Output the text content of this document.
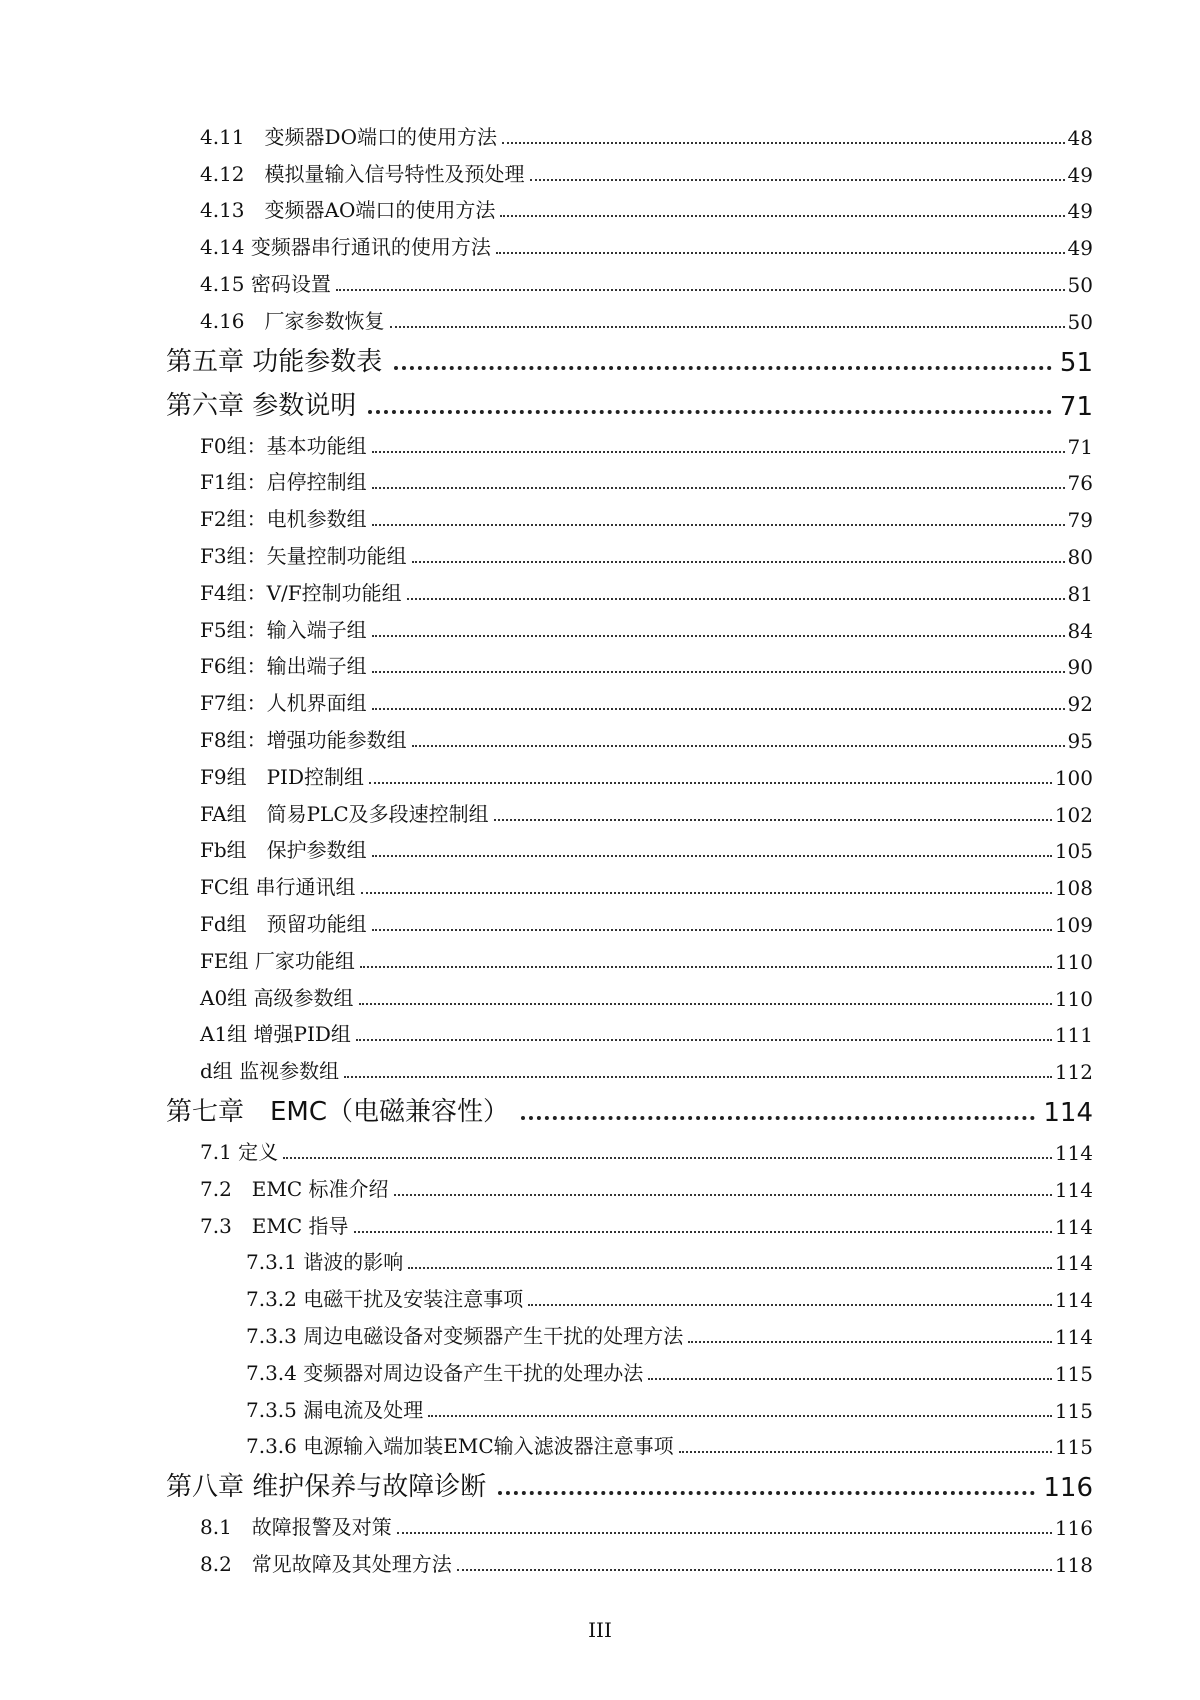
4.11　变频器DO端口的使用方法	48
4.12　模拟量输入信号特性及预处理	49
4.13　变频器AO端口的使用方法	49
4.14 变频器串行通讯的使用方法	49
4.15 密码设置	50
4.16　厂家参数恢复	50
第五章 功能参数表	51
第六章 参数说明	71
F0组：基本功能组	71
F1组：启停控制组	76
F2组：电机参数组	79
F3组：矢量控制功能组	80
F4组：V/F控制功能组	81
F5组：输入端子组	84
F6组：输出端子组	90
F7组：人机界面组	92
F8组：增强功能参数组	95
F9组　PID控制组	100
FA组　简易PLC及多段速控制组	102
Fb组　保护参数组	105
FC组 串行通讯组	108
Fd组　预留功能组	109
FE组 厂家功能组	110
A0组 高级参数组	110
A1组 增强PID组	111
d组 监视参数组	112
第七章　EMC（电磁兼容性）	114
7.1 定义	114
7.2　EMC 标准介绍	114
7.3　EMC 指导	114
7.3.1 谐波的影响	114
7.3.2 电磁干扰及安装注意事项	114
7.3.3 周边电磁设备对变频器产生干扰的处理方法	114
7.3.4 变频器对周边设备产生干扰的处理办法	115
7.3.5 漏电流及处理	115
7.3.6 电源输入端加装EMC输入滤波器注意事项	115
第八章 维护保养与故障诊断	116
8.1　故障报警及对策	116
8.2　常见故障及其处理方法	118
III
